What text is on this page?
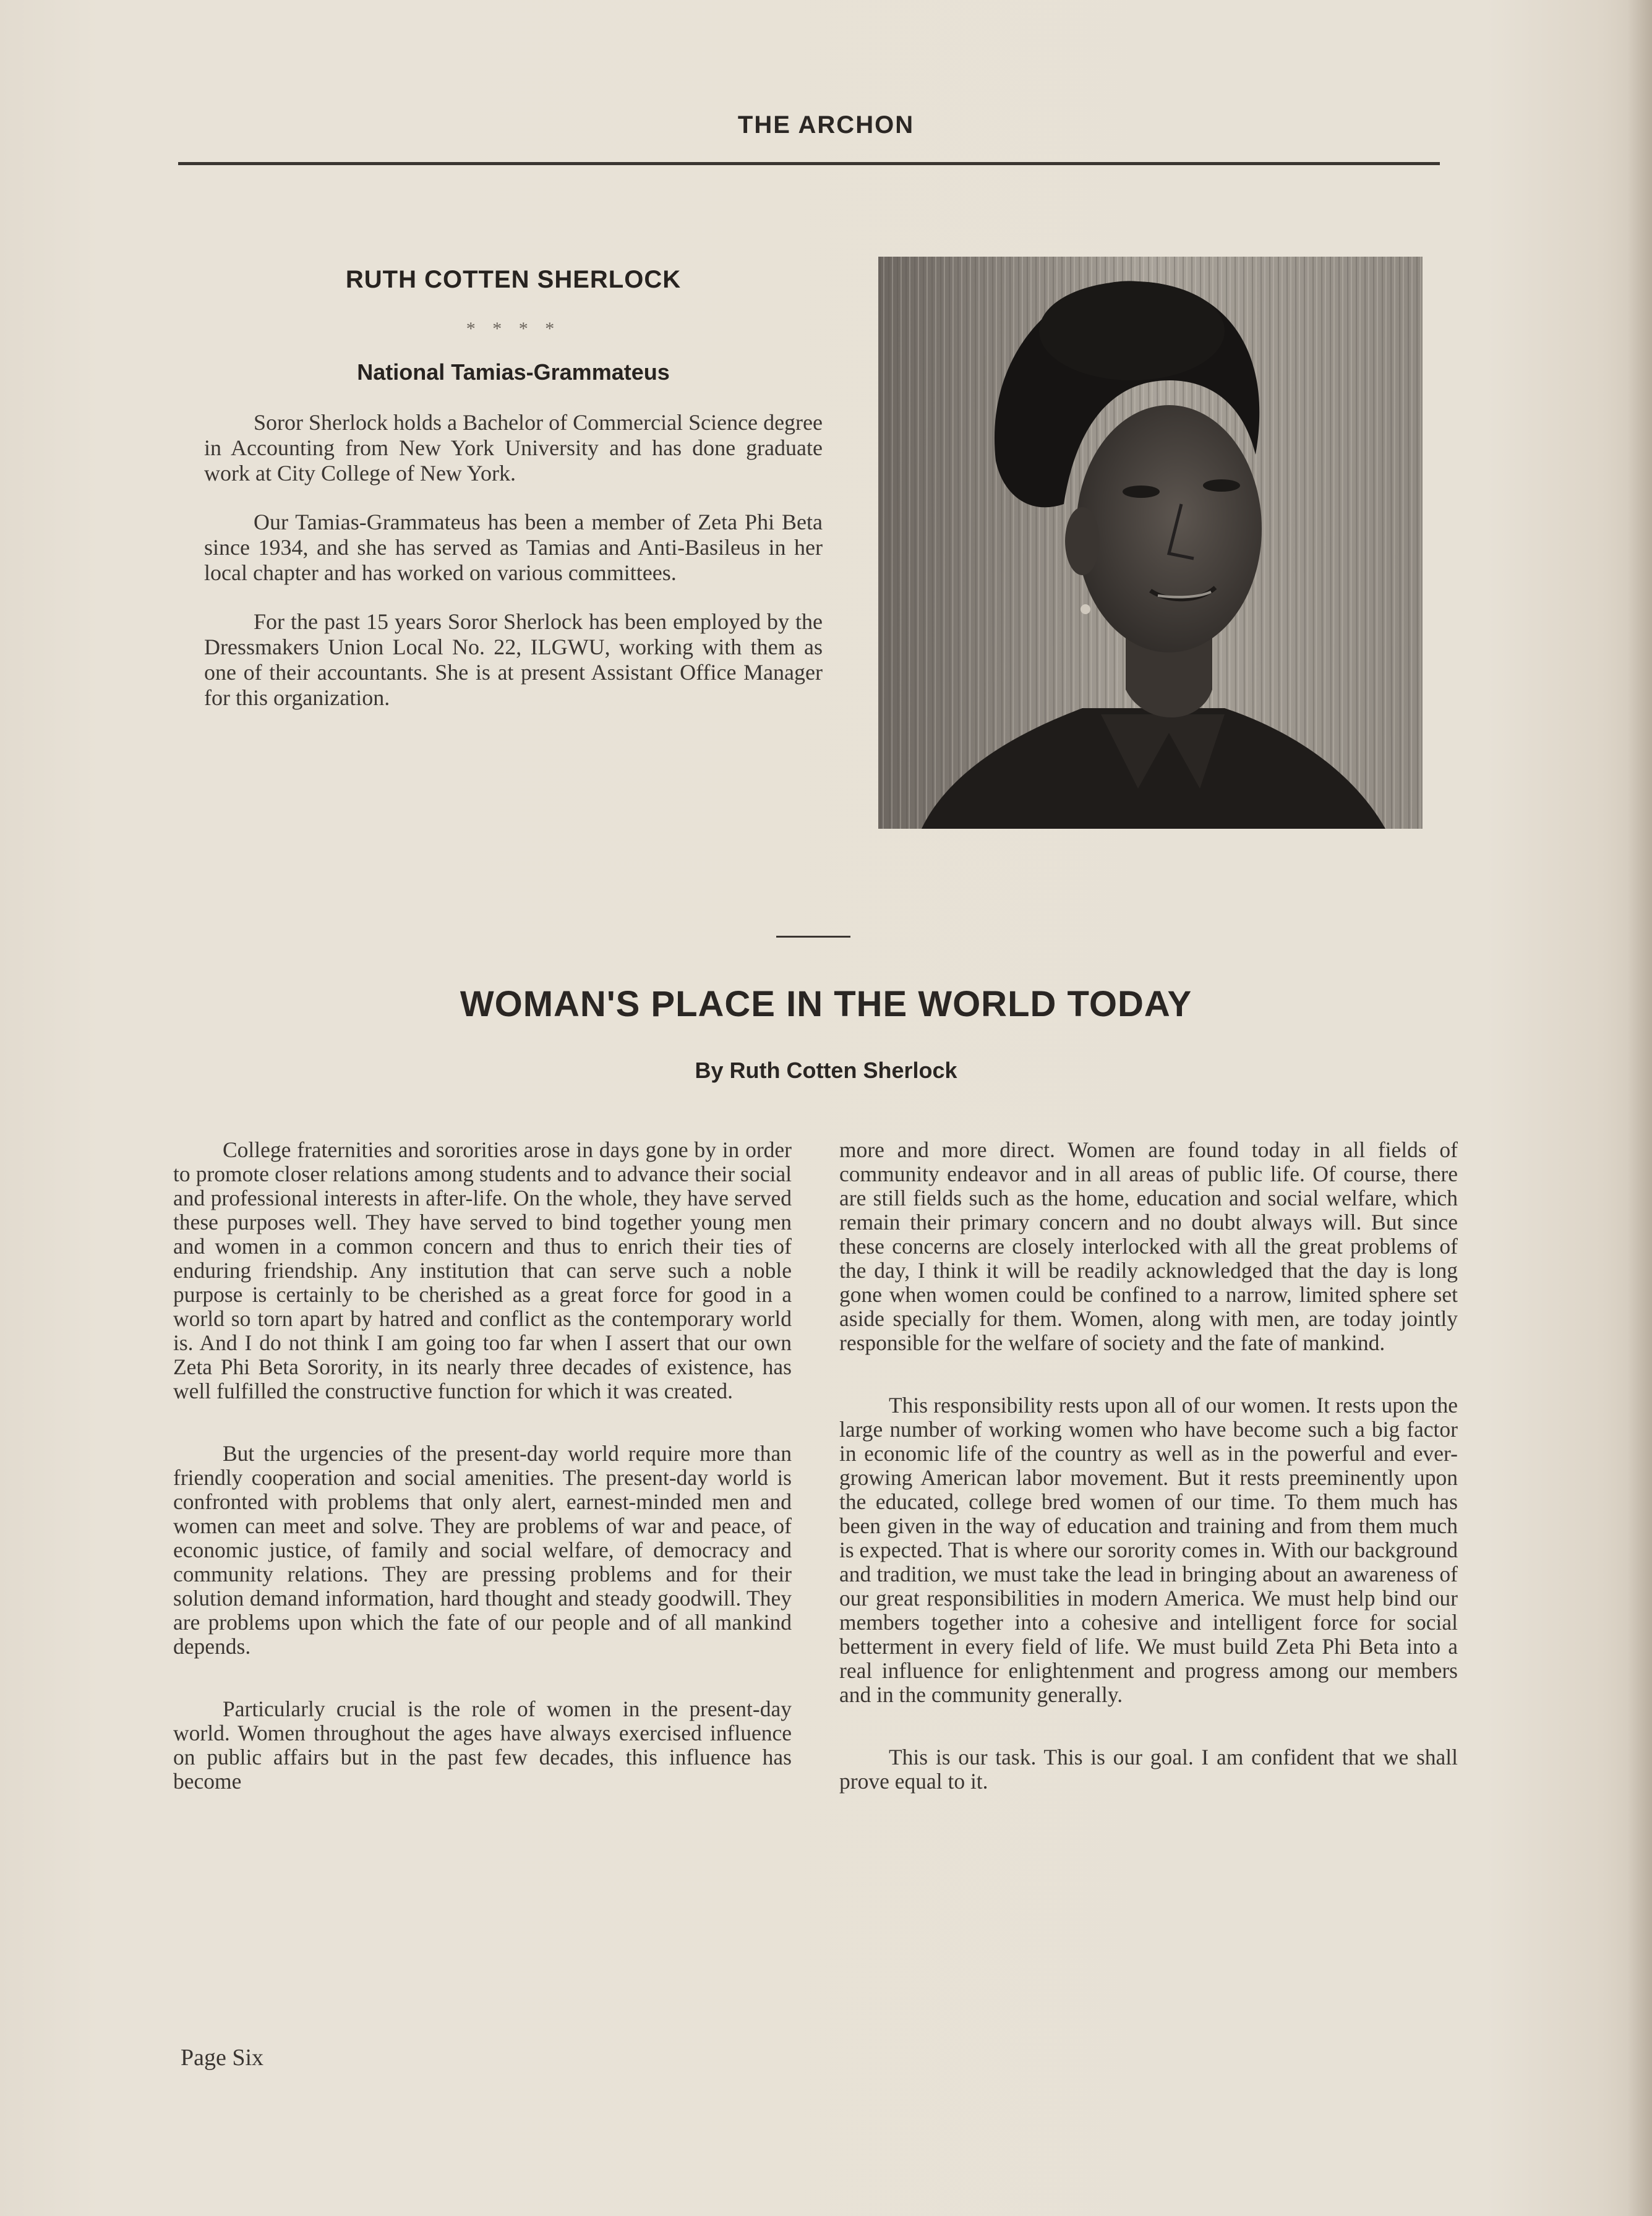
THE ARCHON
RUTH COTTEN SHERLOCK
* * * *
National Tamias-Grammateus

Soror Sherlock holds a Bachelor of Commercial Science degree in Accounting from New York University and has done graduate work at City College of New York.

Our Tamias-Grammateus has been a member of Zeta Phi Beta since 1934, and she has served as Tamias and Anti-Basileus in her local chapter and has worked on various committees.

For the past 15 years Soror Sherlock has been employed by the Dressmakers Union Local No. 22, ILGWU, working with them as one of their accountants. She is at present Assistant Office Manager for this organization.

WOMAN'S PLACE IN THE WORLD TODAY
By Ruth Cotten Sherlock

College fraternities and sororities arose in days gone by in order to promote closer relations among students and to advance their social and professional interests in after-life. On the whole, they have served these purposes well. They have served to bind together young men and women in a common concern and thus to enrich their ties of enduring friendship. Any institution that can serve such a noble purpose is certainly to be cherished as a great force for good in a world so torn apart by hatred and conflict as the contemporary world is. And I do not think I am going too far when I assert that our own Zeta Phi Beta Sorority, in its nearly three decades of existence, has well fulfilled the constructive function for which it was created.

But the urgencies of the present-day world require more than friendly cooperation and social amenities. The present-day world is confronted with problems that only alert, earnest-minded men and women can meet and solve. They are problems of war and peace, of economic justice, of family and social welfare, of democracy and community relations. They are pressing problems and for their solution demand information, hard thought and steady goodwill. They are problems upon which the fate of our people and of all mankind depends.

Particularly crucial is the role of women in the present-day world. Women throughout the ages have always exercised influence on public affairs but in the past few decades, this influence has become

more and more direct. Women are found today in all fields of community endeavor and in all areas of public life. Of course, there are still fields such as the home, education and social welfare, which remain their primary concern and no doubt always will. But since these concerns are closely interlocked with all the great problems of the day, I think it will be readily acknowledged that the day is long gone when women could be confined to a narrow, limited sphere set aside specially for them. Women, along with men, are today jointly responsible for the welfare of society and the fate of mankind.

This responsibility rests upon all of our women. It rests upon the large number of working women who have become such a big factor in economic life of the country as well as in the powerful and ever-growing American labor movement. But it rests preeminently upon the educated, college bred women of our time. To them much has been given in the way of education and training and from them much is expected. That is where our sorority comes in. With our background and tradition, we must take the lead in bringing about an awareness of our great responsibilities in modern America. We must help bind our members together into a cohesive and intelligent force for social betterment in every field of life. We must build Zeta Phi Beta into a real influence for enlightenment and progress among our members and in the community generally.

This is our task. This is our goal. I am confident that we shall prove equal to it.

Page Six
